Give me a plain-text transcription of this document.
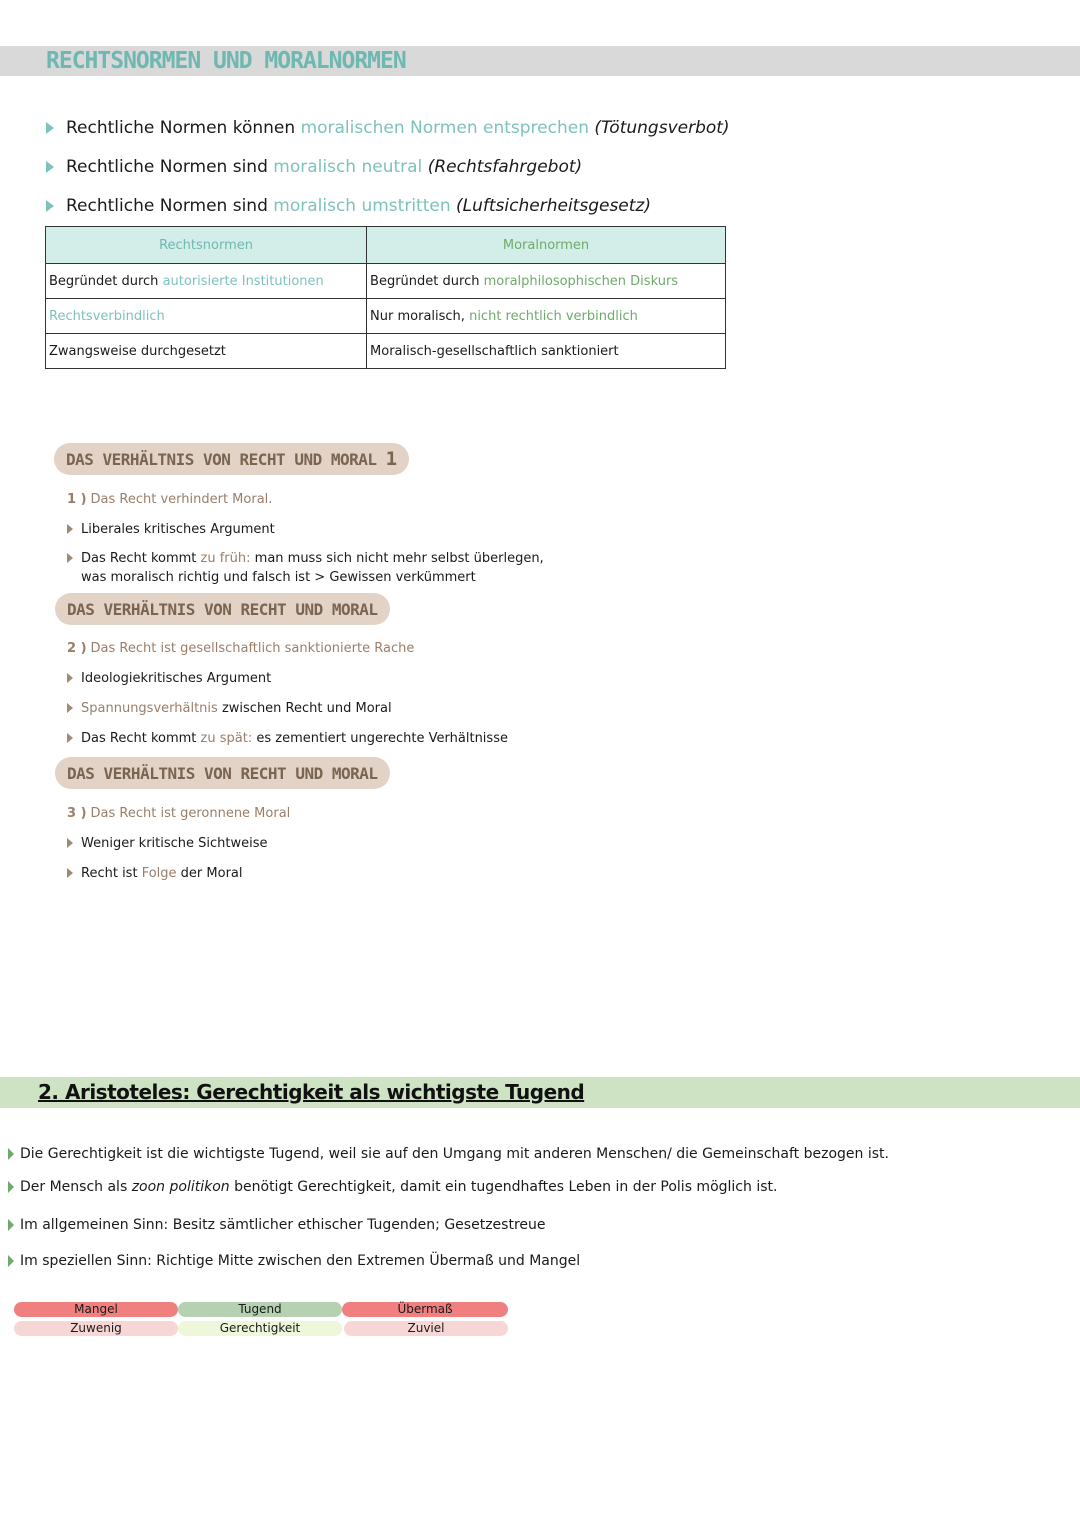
RECHTSNORMEN UND MORALNORMEN
Rechtliche Normen können
moralischen Normen entsprechen
(Tötungsverbot)
Rechtliche Normen sind
moralisch neutral
(Rechtsfahrgebot)
Rechtliche Normen sind
moralisch umstritten
(Luftsicherheitsgesetz)
Rechtsnormen	Moralnormen
Begründet durch autorisierte Institutionen	Begründet durch moralphilosophischen Diskurs
Rechtsverbindlich	Nur moralisch, nicht rechtlich verbindlich
Zwangsweise durchgesetzt	Moralisch-gesellschaftlich sanktioniert
DAS VERHÄLTNIS VON RECHT UND MORAL
1
1 ) Das Recht verhindert Moral.
Liberales kritisches Argument
Das Recht kommt
zu früh:
man muss sich nicht mehr selbst überlegen,
was moralisch richtig und falsch ist > Gewissen verkümmert
DAS VERHÄLTNIS VON RECHT UND MORAL
2 ) Das Recht ist gesellschaftlich sanktionierte Rache
Ideologiekritisches Argument
Spannungsverhältnis
zwischen Recht und Moral
Das Recht kommt
zu spät:
es zementiert ungerechte Verhältnisse
DAS VERHÄLTNIS VON RECHT UND MORAL
3 ) Das Recht ist geronnene Moral
Weniger kritische Sichtweise
Recht ist
Folge
der Moral
2. Aristoteles: Gerechtigkeit als wichtigste Tugend
Die Gerechtigkeit ist die wichtigste Tugend, weil sie auf den Umgang mit anderen Menschen/ die Gemeinschaft bezogen ist.
Der Mensch als
zoon politikon
benötigt Gerechtigkeit, damit ein tugendhaftes Leben in der Polis möglich ist.
Im allgemeinen Sinn: Besitz sämtlicher ethischer Tugenden; Gesetzestreue
Im speziellen Sinn: Richtige Mitte zwischen den Extremen Übermaß und Mangel
Mangel	Tugend	Übermaß
Zuwenig	Gerechtigkeit	Zuviel
